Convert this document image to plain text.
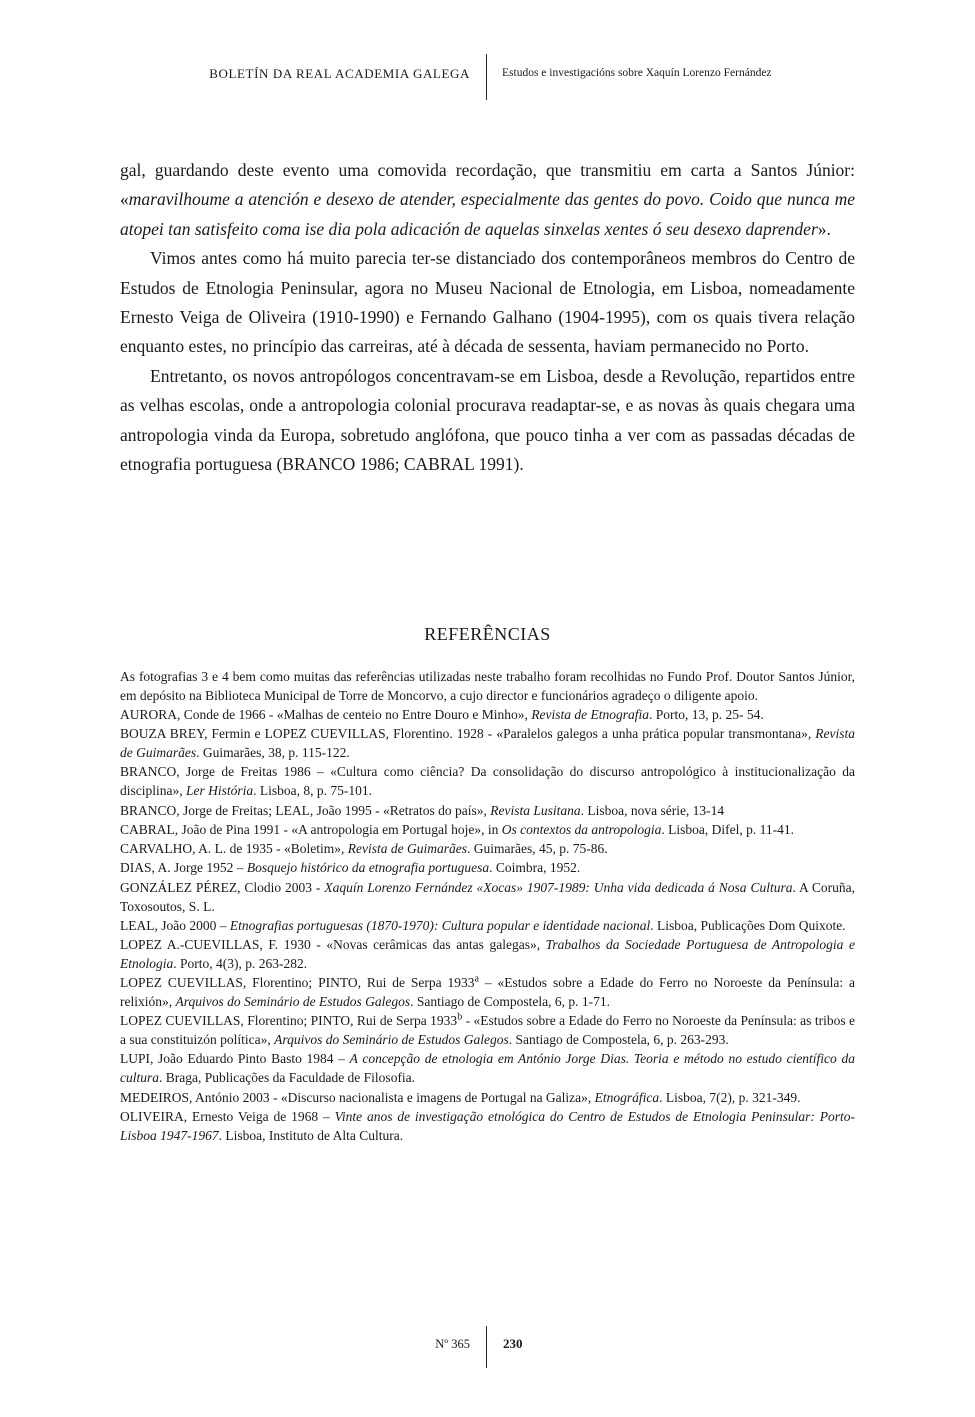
BOLETÍN DA REAL ACADEMIA GALEGA	Estudos e investigacións sobre Xaquín Lorenzo Fernández

gal, guardando deste evento uma comovida recordação, que transmitiu em carta a Santos Júnior: «maravilhoume a atención e desexo de atender, especialmente das gentes do povo. Coido que nunca me atopei tan satisfeito coma ise dia pola adicación de aquelas sinxelas xentes ó seu desexo daprender».

Vimos antes como há muito parecia ter-se distanciado dos contemporâneos membros do Centro de Estudos de Etnologia Peninsular, agora no Museu Nacional de Etnologia, em Lisboa, nomeadamente Ernesto Veiga de Oliveira (1910-1990) e Fernando Galhano (1904-1995), com os quais tivera relação enquanto estes, no princípio das carreiras, até à década de sessenta, haviam permanecido no Porto.

Entretanto, os novos antropólogos concentravam-se em Lisboa, desde a Revolução, repartidos entre as velhas escolas, onde a antropologia colonial procurava readaptar-se, e as novas às quais chegara uma antropologia vinda da Europa, sobretudo anglófona, que pouco tinha a ver com as passadas décadas de etnografia portuguesa (BRANCO 1986; CABRAL 1991).

REFERÊNCIAS

As fotografias 3 e 4 bem como muitas das referências utilizadas neste trabalho foram recolhidas no Fundo Prof. Doutor Santos Júnior, em depósito na Biblioteca Municipal de Torre de Moncorvo, a cujo director e funcionários agradeço o diligente apoio.

AURORA, Conde de 1966 - «Malhas de centeio no Entre Douro e Minho», Revista de Etnografia. Porto, 13, p. 25- 54.

BOUZA BREY, Fermin e LOPEZ CUEVILLAS, Florentino. 1928 - «Paralelos galegos a unha prática popular transmontana», Revista de Guimarães. Guimarães, 38, p. 115-122.

BRANCO, Jorge de Freitas 1986 – «Cultura como ciência? Da consolidação do discurso antropológico à institucionalização da disciplina», Ler História. Lisboa, 8, p. 75-101.

BRANCO, Jorge de Freitas; LEAL, João 1995 - «Retratos do país», Revista Lusitana. Lisboa, nova série, 13-14

CABRAL, João de Pina 1991 - «A antropologia em Portugal hoje», in Os contextos da antropologia. Lisboa, Difel, p. 11-41.

CARVALHO, A. L. de 1935 - «Boletim», Revista de Guimarães. Guimarães, 45, p. 75-86.

DIAS, A. Jorge 1952 – Bosquejo histórico da etnografia portuguesa. Coimbra, 1952.

GONZÁLEZ PÉREZ, Clodio 2003 - Xaquín Lorenzo Fernández «Xocas» 1907-1989: Unha vida dedicada á Nosa Cultura. A Coruña, Toxosoutos, S. L.

LEAL, João 2000 – Etnografias portuguesas (1870-1970): Cultura popular e identidade nacional. Lisboa, Publicações Dom Quixote.

LOPEZ A.-CUEVILLAS, F. 1930 - «Novas cerâmicas das antas galegas», Trabalhos da Sociedade Portuguesa de Antropologia e Etnologia. Porto, 4(3), p. 263-282.

LOPEZ CUEVILLAS, Florentino; PINTO, Rui de Serpa 1933$^a$ – «Estudos sobre a Edade do Ferro no Noroeste da Península: a relixión», Arquivos do Seminário de Estudos Galegos. Santiago de Compostela, 6, p. 1-71.

LOPEZ CUEVILLAS, Florentino; PINTO, Rui de Serpa 1933$^b$ - «Estudos sobre a Edade do Ferro no Noroeste da Península: as tribos e a sua constituizón política», Arquivos do Seminário de Estudos Galegos. Santiago de Compostela, 6, p. 263-293.

LUPI, João Eduardo Pinto Basto 1984 – A concepção de etnologia em António Jorge Dias. Teoria e método no estudo científico da cultura. Braga, Publicações da Faculdade de Filosofia.

MEDEIROS, António 2003 - «Discurso nacionalista e imagens de Portugal na Galiza», Etnográfica. Lisboa, 7(2), p. 321-349.

OLIVEIRA, Ernesto Veiga de 1968 – Vinte anos de investigação etnológica do Centro de Estudos de Etnologia Peninsular: Porto-Lisboa 1947-1967. Lisboa, Instituto de Alta Cultura.

Nº 365	230
